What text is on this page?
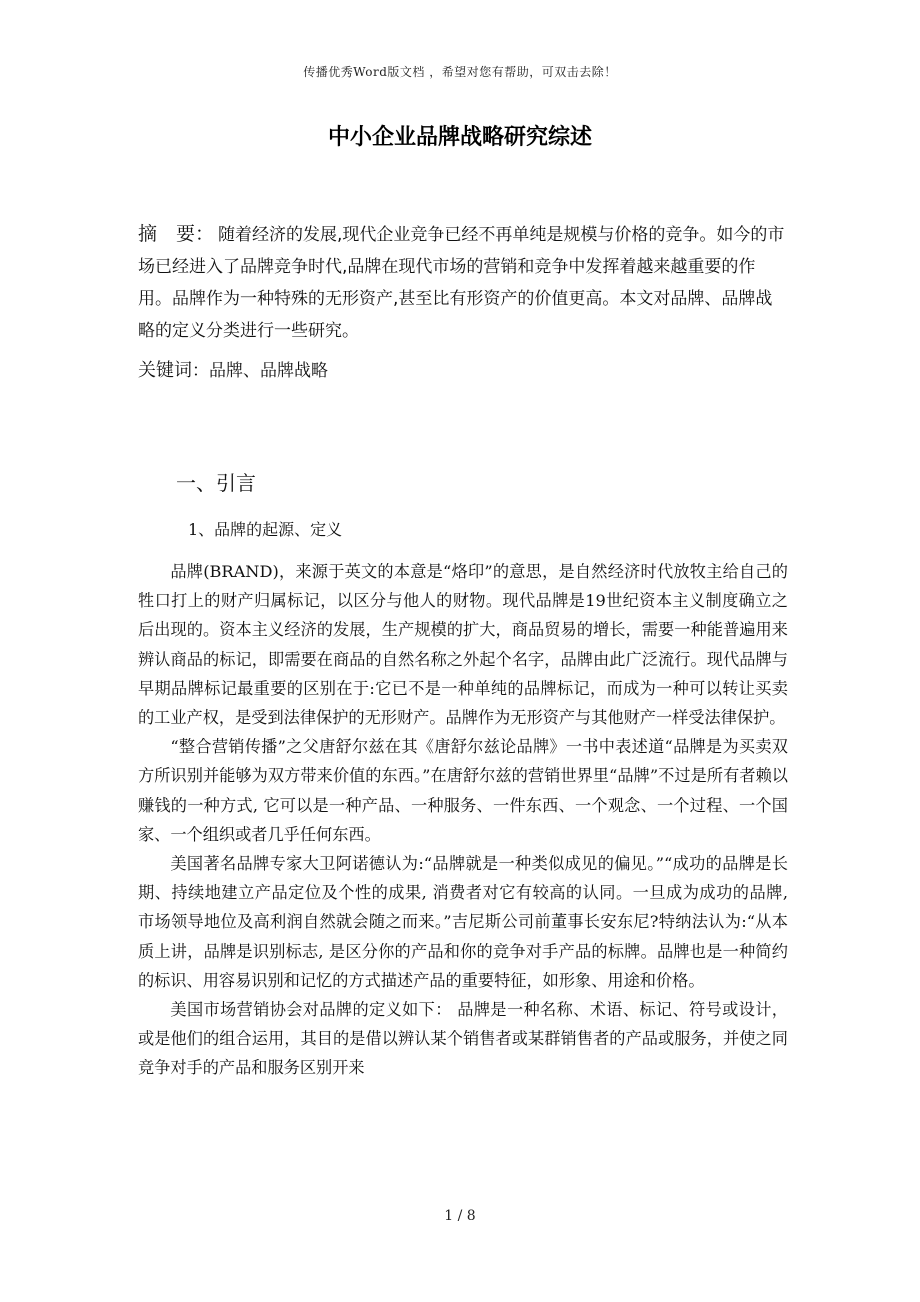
传播优秀Word版文档 ，希望对您有帮助，可双击去除！
中小企业品牌战略研究综述
摘　要： 随着经济的发展,现代企业竞争已经不再单纯是规模与价格的竞争。如今的市场已经进入了品牌竞争时代,品牌在现代市场的营销和竞争中发挥着越来越重要的作用。品牌作为一种特殊的无形资产,甚至比有形资产的价值更高。本文对品牌、品牌战略的定义分类进行一些研究。
关键词：品牌、品牌战略
一、引言
1、品牌的起源、定义

品牌(BRAND)，来源于英文的本意是“烙印”的意思，是自然经济时代放牧主给自己的牲口打上的财产归属标记，以区分与他人的财物。现代品牌是19世纪资本主义制度确立之后出现的。资本主义经济的发展，生产规模的扩大，商品贸易的增长，需要一种能普遍用来辨认商品的标记，即需要在商品的自然名称之外起个名字，品牌由此广泛流行。现代品牌与早期品牌标记最重要的区别在于:它已不是一种单纯的品牌标记，而成为一种可以转让买卖的工业产权，是受到法律保护的无形财产。品牌作为无形资产与其他财产一样受法律保护。

“整合营销传播”之父唐舒尔兹在其《唐舒尔兹论品牌》一书中表述道“品牌是为买卖双方所识别并能够为双方带来价值的东西。”在唐舒尔兹的营销世界里“品牌”不过是所有者赖以赚钱的一种方式, 它可以是一种产品、一种服务、一件东西、一个观念、一个过程、一个国家、一个组织或者几乎任何东西。

美国著名品牌专家大卫阿诺德认为:“品牌就是一种类似成见的偏见。”“成功的品牌是长期、持续地建立产品定位及个性的成果, 消费者对它有较高的认同。一旦成为成功的品牌, 市场领导地位及高利润自然就会随之而来。”吉尼斯公司前董事长安东尼?特纳法认为:“从本质上讲，品牌是识别标志, 是区分你的产品和你的竞争对手产品的标牌。品牌也是一种简约的标识、用容易识别和记忆的方式描述产品的重要特征，如形象、用途和价格。

美国市场营销协会对品牌的定义如下： 品牌是一种名称、术语、标记、符号或设计，或是他们的组合运用，其目的是借以辨认某个销售者或某群销售者的产品或服务，并使之同竞争对手的产品和服务区别开来

1 / 8
